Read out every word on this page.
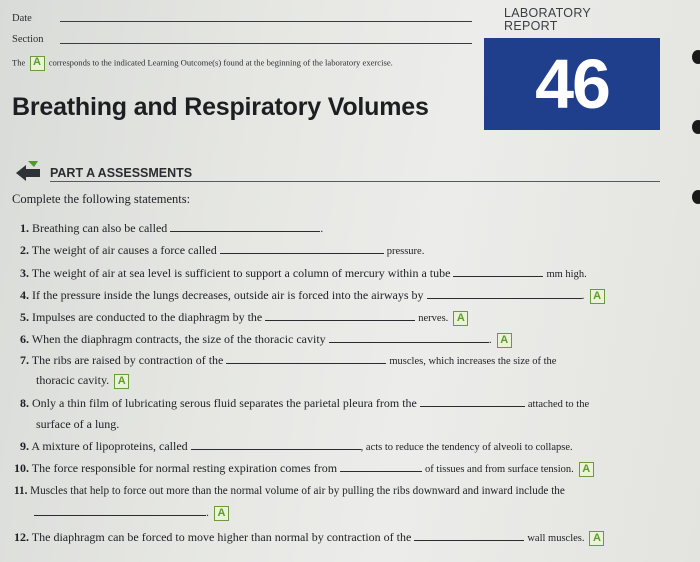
Date
Section
LABORATORY
REPORT
46
The A corresponds to the indicated Learning Outcome(s) found at the beginning of the laboratory exercise.
Breathing and Respiratory Volumes
PART A ASSESSMENTS
Complete the following statements:
1. Breathing can also be called	.
2. The weight of air causes a force called	pressure.
3. The weight of air at sea level is sufficient to support a column of mercury within a tube	mm high.
4. If the pressure inside the lungs decreases, outside air is forced into the airways by	. A
5. Impulses are conducted to the diaphragm by the	nerves. A
6. When the diaphragm contracts, the size of the thoracic cavity	. A
7. The ribs are raised by contraction of the	muscles, which increases the size of the
thoracic cavity. A
8. Only a thin film of lubricating serous fluid separates the parietal pleura from the	attached to the
surface of a lung.
9. A mixture of lipoproteins, called	, acts to reduce the tendency of alveoli to collapse.
10. The force responsible for normal resting expiration comes from	of tissues and from surface tension. A
11. Muscles that help to force out more than the normal volume of air by pulling the ribs downward and inward include the
. A
12. The diaphragm can be forced to move higher than normal by contraction of the	wall muscles. A
